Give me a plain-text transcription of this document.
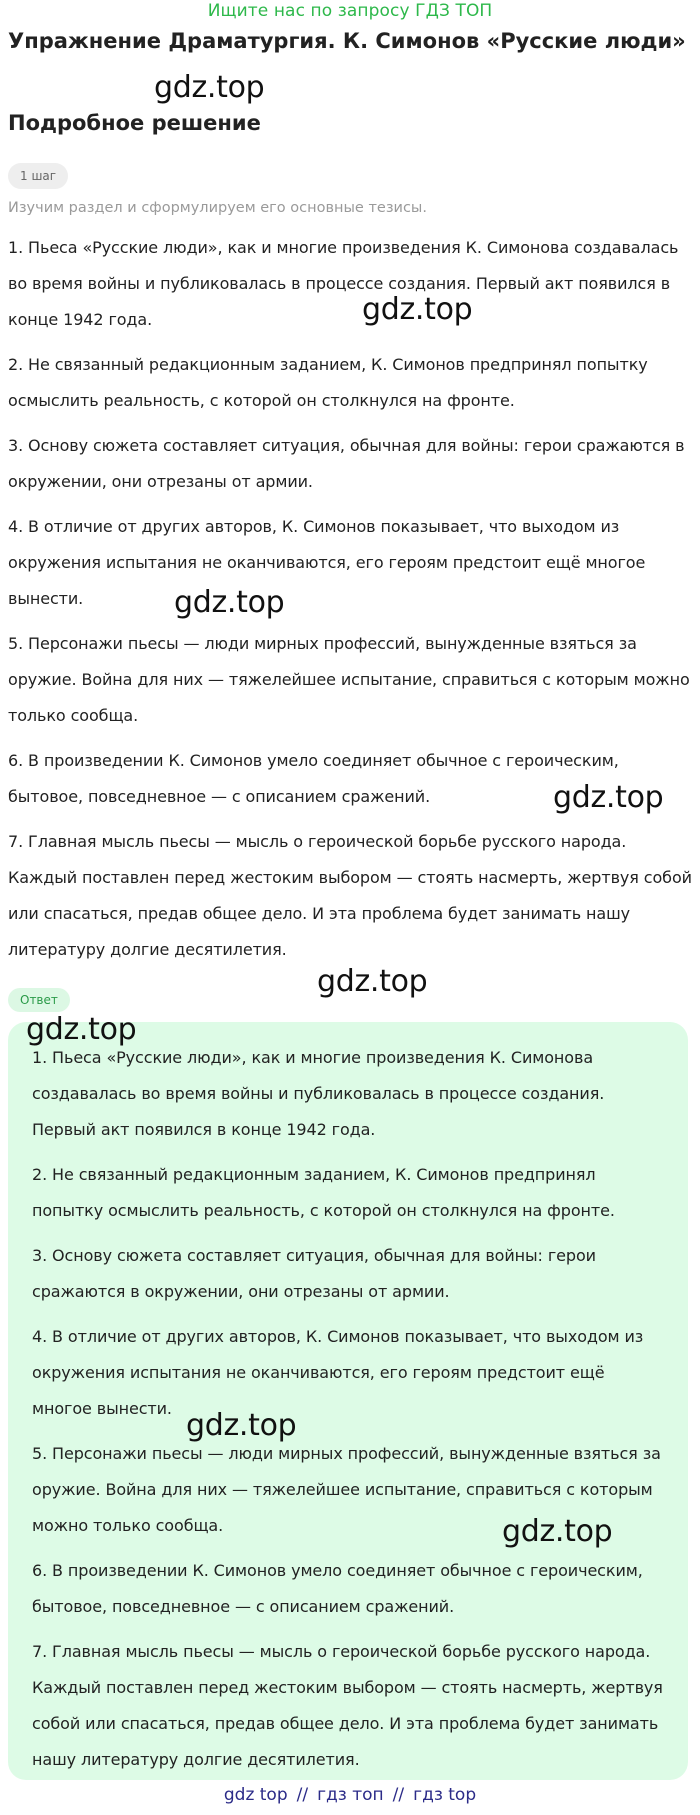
Ищите нас по запросу ГДЗ ТОП
Упражнение Драматургия. К. Симонов «Русские люди»
Подробное решение
1 шаг
Изучим раздел и сформулируем его основные тезисы.

1. Пьеса «Русские люди», как и многие произведения К. Симонова создавалась во время войны и публиковалась в процессе создания. Первый акт появился в конце 1942 года.

2. Не связанный редакционным заданием, К. Симонов предпринял попытку осмыслить реальность, с которой он столкнулся на фронте.

3. Основу сюжета составляет ситуация, обычная для войны: герои сражаются в окружении, они отрезаны от армии.

4. В отличие от других авторов, К. Симонов показывает, что выходом из окружения испытания не оканчиваются, его героям предстоит ещё многое вынести.

5. Персонажи пьесы — люди мирных профессий, вынужденные взяться за оружие. Война для них — тяжелейшее испытание, справиться с которым можно только сообща.

6. В произведении К. Симонов умело соединяет обычное с героическим, бытовое, повседневное — с описанием сражений.

7. Главная мысль пьесы — мысль о героической борьбе русского народа. Каждый поставлен перед жестоким выбором — стоять насмерть, жертвуя собой или спасаться, предав общее дело. И эта проблема будет занимать нашу литературу долгие десятилетия.

Ответ

1. Пьеса «Русские люди», как и многие произведения К. Симонова создавалась во время войны и публиковалась в процессе создания. Первый акт появился в конце 1942 года.

2. Не связанный редакционным заданием, К. Симонов предпринял попытку осмыслить реальность, с которой он столкнулся на фронте.

3. Основу сюжета составляет ситуация, обычная для войны: герои сражаются в окружении, они отрезаны от армии.

4. В отличие от других авторов, К. Симонов показывает, что выходом из окружения испытания не оканчиваются, его героям предстоит ещё многое вынести.

5. Персонажи пьесы — люди мирных профессий, вынужденные взяться за оружие. Война для них — тяжелейшее испытание, справиться с которым можно только сообща.

6. В произведении К. Симонов умело соединяет обычное с героическим, бытовое, повседневное — с описанием сражений.

7. Главная мысль пьесы — мысль о героической борьбе русского народа. Каждый поставлен перед жестоким выбором — стоять насмерть, жертвуя собой или спасаться, предав общее дело. И эта проблема будет занимать нашу литературу долгие десятилетия.

gdz.top
gdz.top
gdz.top
gdz.top
gdz.top
gdz.top
gdz.top
gdz.top
gdz top // гдз топ // гдз top
